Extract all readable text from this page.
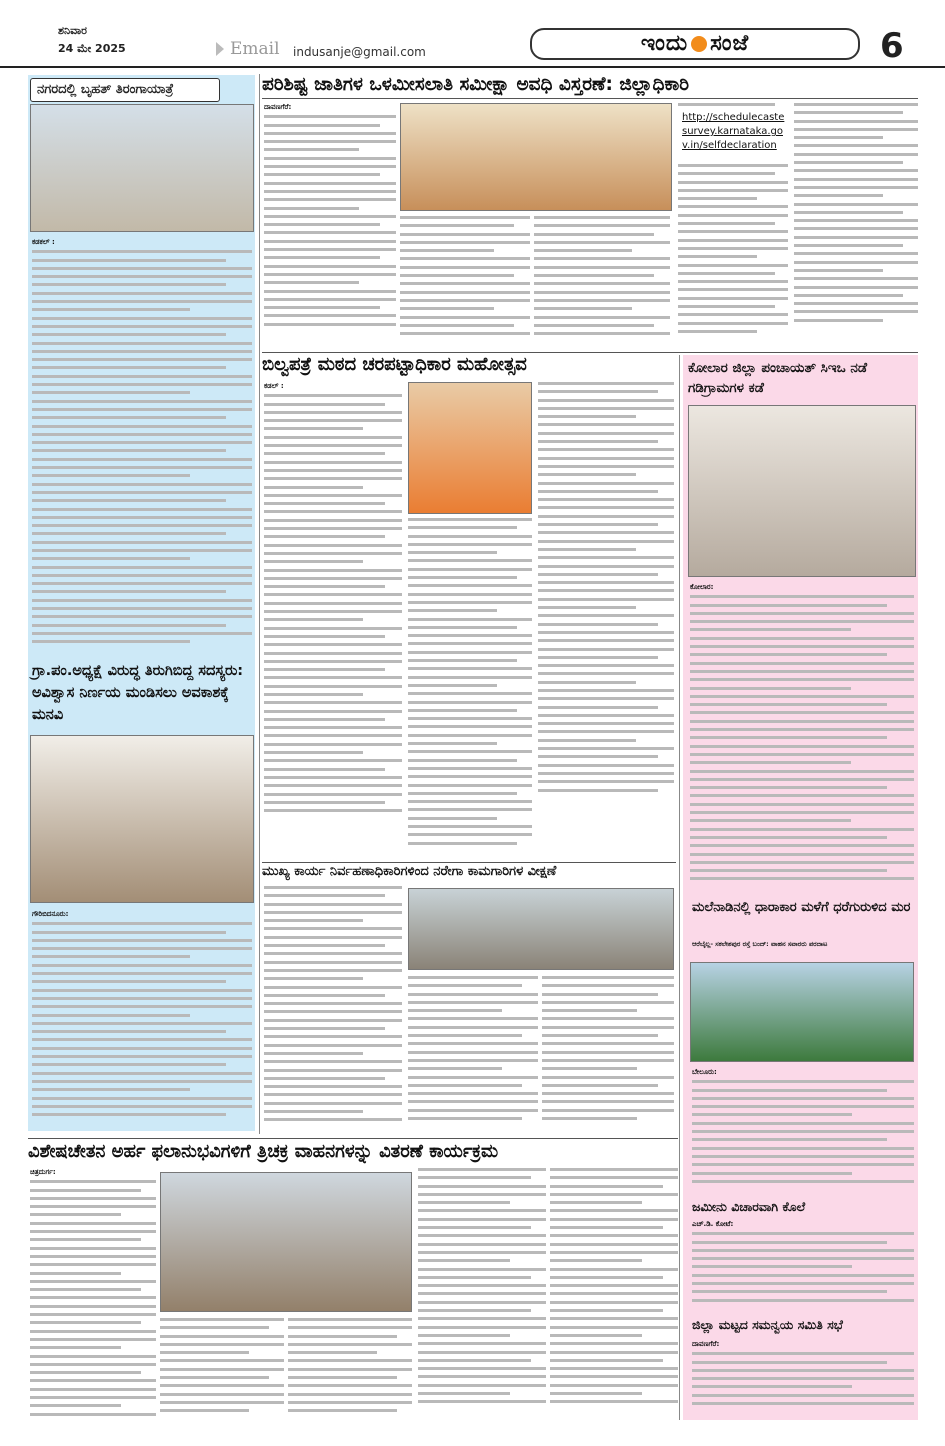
ಶನಿವಾರ
24 ಮೇ 2025	Email indusanje@gmail.com	ಇಂದು ಸಂಜೆ	6
ನಗರದಲ್ಲಿ ಬೃಹತ್ ತಿರಂಗಾಯಾತ್ರೆ
ಕಡಕಲ್ :
ಗ್ರಾ.ಪಂ.ಅಧ್ಯಕ್ಷೆ ವಿರುದ್ಧ ತಿರುಗಿಬಿದ್ದ ಸದಸ್ಯರು: ಅವಿಶ್ವಾಸ ನಿರ್ಣಯ ಮಂಡಿಸಲು ಅವಕಾಶಕ್ಕೆ ಮನವಿ
ಗೌರಿಬಿದನೂರು:
ಪರಿಶಿಷ್ಟ ಜಾತಿಗಳ ಒಳಮೀಸಲಾತಿ ಸಮೀಕ್ಷಾ ಅವಧಿ ವಿಸ್ತರಣೆ: ಜಿಲ್ಲಾಧಿಕಾರಿ
ದಾವಣಗೆರೆ:
http://schedulecastesurvey.karnataka.gov.in/selfdeclaration
ಬಿಲ್ವಪತ್ರೆ ಮಠದ ಚರಪಟ್ಟಾಧಿಕಾರ ಮಹೋತ್ಸವ
ಕಡಲ್ :
ಕೋಲಾರ ಜಿಲ್ಲಾ ಪಂಚಾಯತ್ ಸಿಇಒ ನಡೆ ಗಡಿಗ್ರಾಮಗಳ ಕಡೆ
ಕೋಲಾರ:
ಮಲೆನಾಡಿನಲ್ಲಿ ಧಾರಾಕಾರ ಮಳೆಗೆ ಧರೆಗುರುಳಿದ ಮರ
ಆರೆಬೈಲ್ಲ- ಸಕಲೇಶಪುರ ರಸ್ತೆ ಬಂದ್: ವಾಹನ ಸವಾರರು ಪರದಾಟ
ಬೇಲೂರು:
ಜಮೀನು ವಿಚಾರವಾಗಿ ಕೊಲೆ
ಎಚ್.ಡಿ. ಕೋಟೆ:
ಜಿಲ್ಲಾ ಮಟ್ಟದ ಸಮನ್ವಯ ಸಮಿತಿ ಸಭೆ
ದಾವಣಗೆರೆ:
ಮುಖ್ಯ ಕಾರ್ಯ ನಿರ್ವಹಣಾಧಿಕಾರಿಗಳಿಂದ ನರೇಗಾ ಕಾಮಗಾರಿಗಳ ವೀಕ್ಷಣೆ
ವಿಶೇಷಚೇತನ ಅರ್ಹ ಫಲಾನುಭವಿಗಳಿಗೆ ತ್ರಿಚಕ್ರ ವಾಹನಗಳನ್ನು ವಿತರಣೆ ಕಾರ್ಯಕ್ರಮ
ಚಿತ್ರದುರ್ಗ:
